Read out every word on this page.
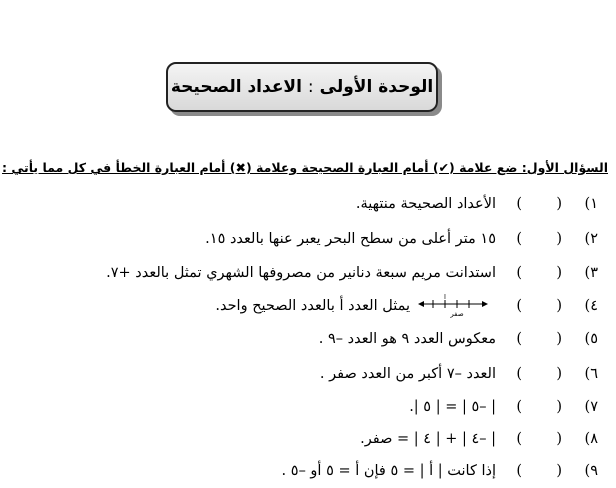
الوحدة الأولى
:
الاعداد الصحيحة
السؤال الأول: ضع علامة (✔) أمام العبارة الصحيحة وعلامة (✖) أمام العبارة الخطأ في كل مما يأتي :
١)
(
)
الأعداد الصحيحة منتهية.
٢)
(
)
١٥ متر أعلى من سطح البحر يعبر عنها بالعدد ١٥.
٣)
(
)
استدانت مريم سبعة دنانير من مصروفها الشهري تمثل بالعدد +٧.
٤)
(
)
أ
صفر
يمثل العدد أ بالعدد الصحيح واحد.
٥)
(
)
معكوس العدد ٩ هو العدد –٩ .
٦)
(
)
العدد –٧ أكبر من العدد صفر .
٧)
(
)
| –٥ | = | ٥ |.
٨)
(
)
| –٤ | + | ٤ | = صفر.
٩)
(
)
إذا كانت | أ | = ٥ فإن أ = ٥ أو –٥ .
